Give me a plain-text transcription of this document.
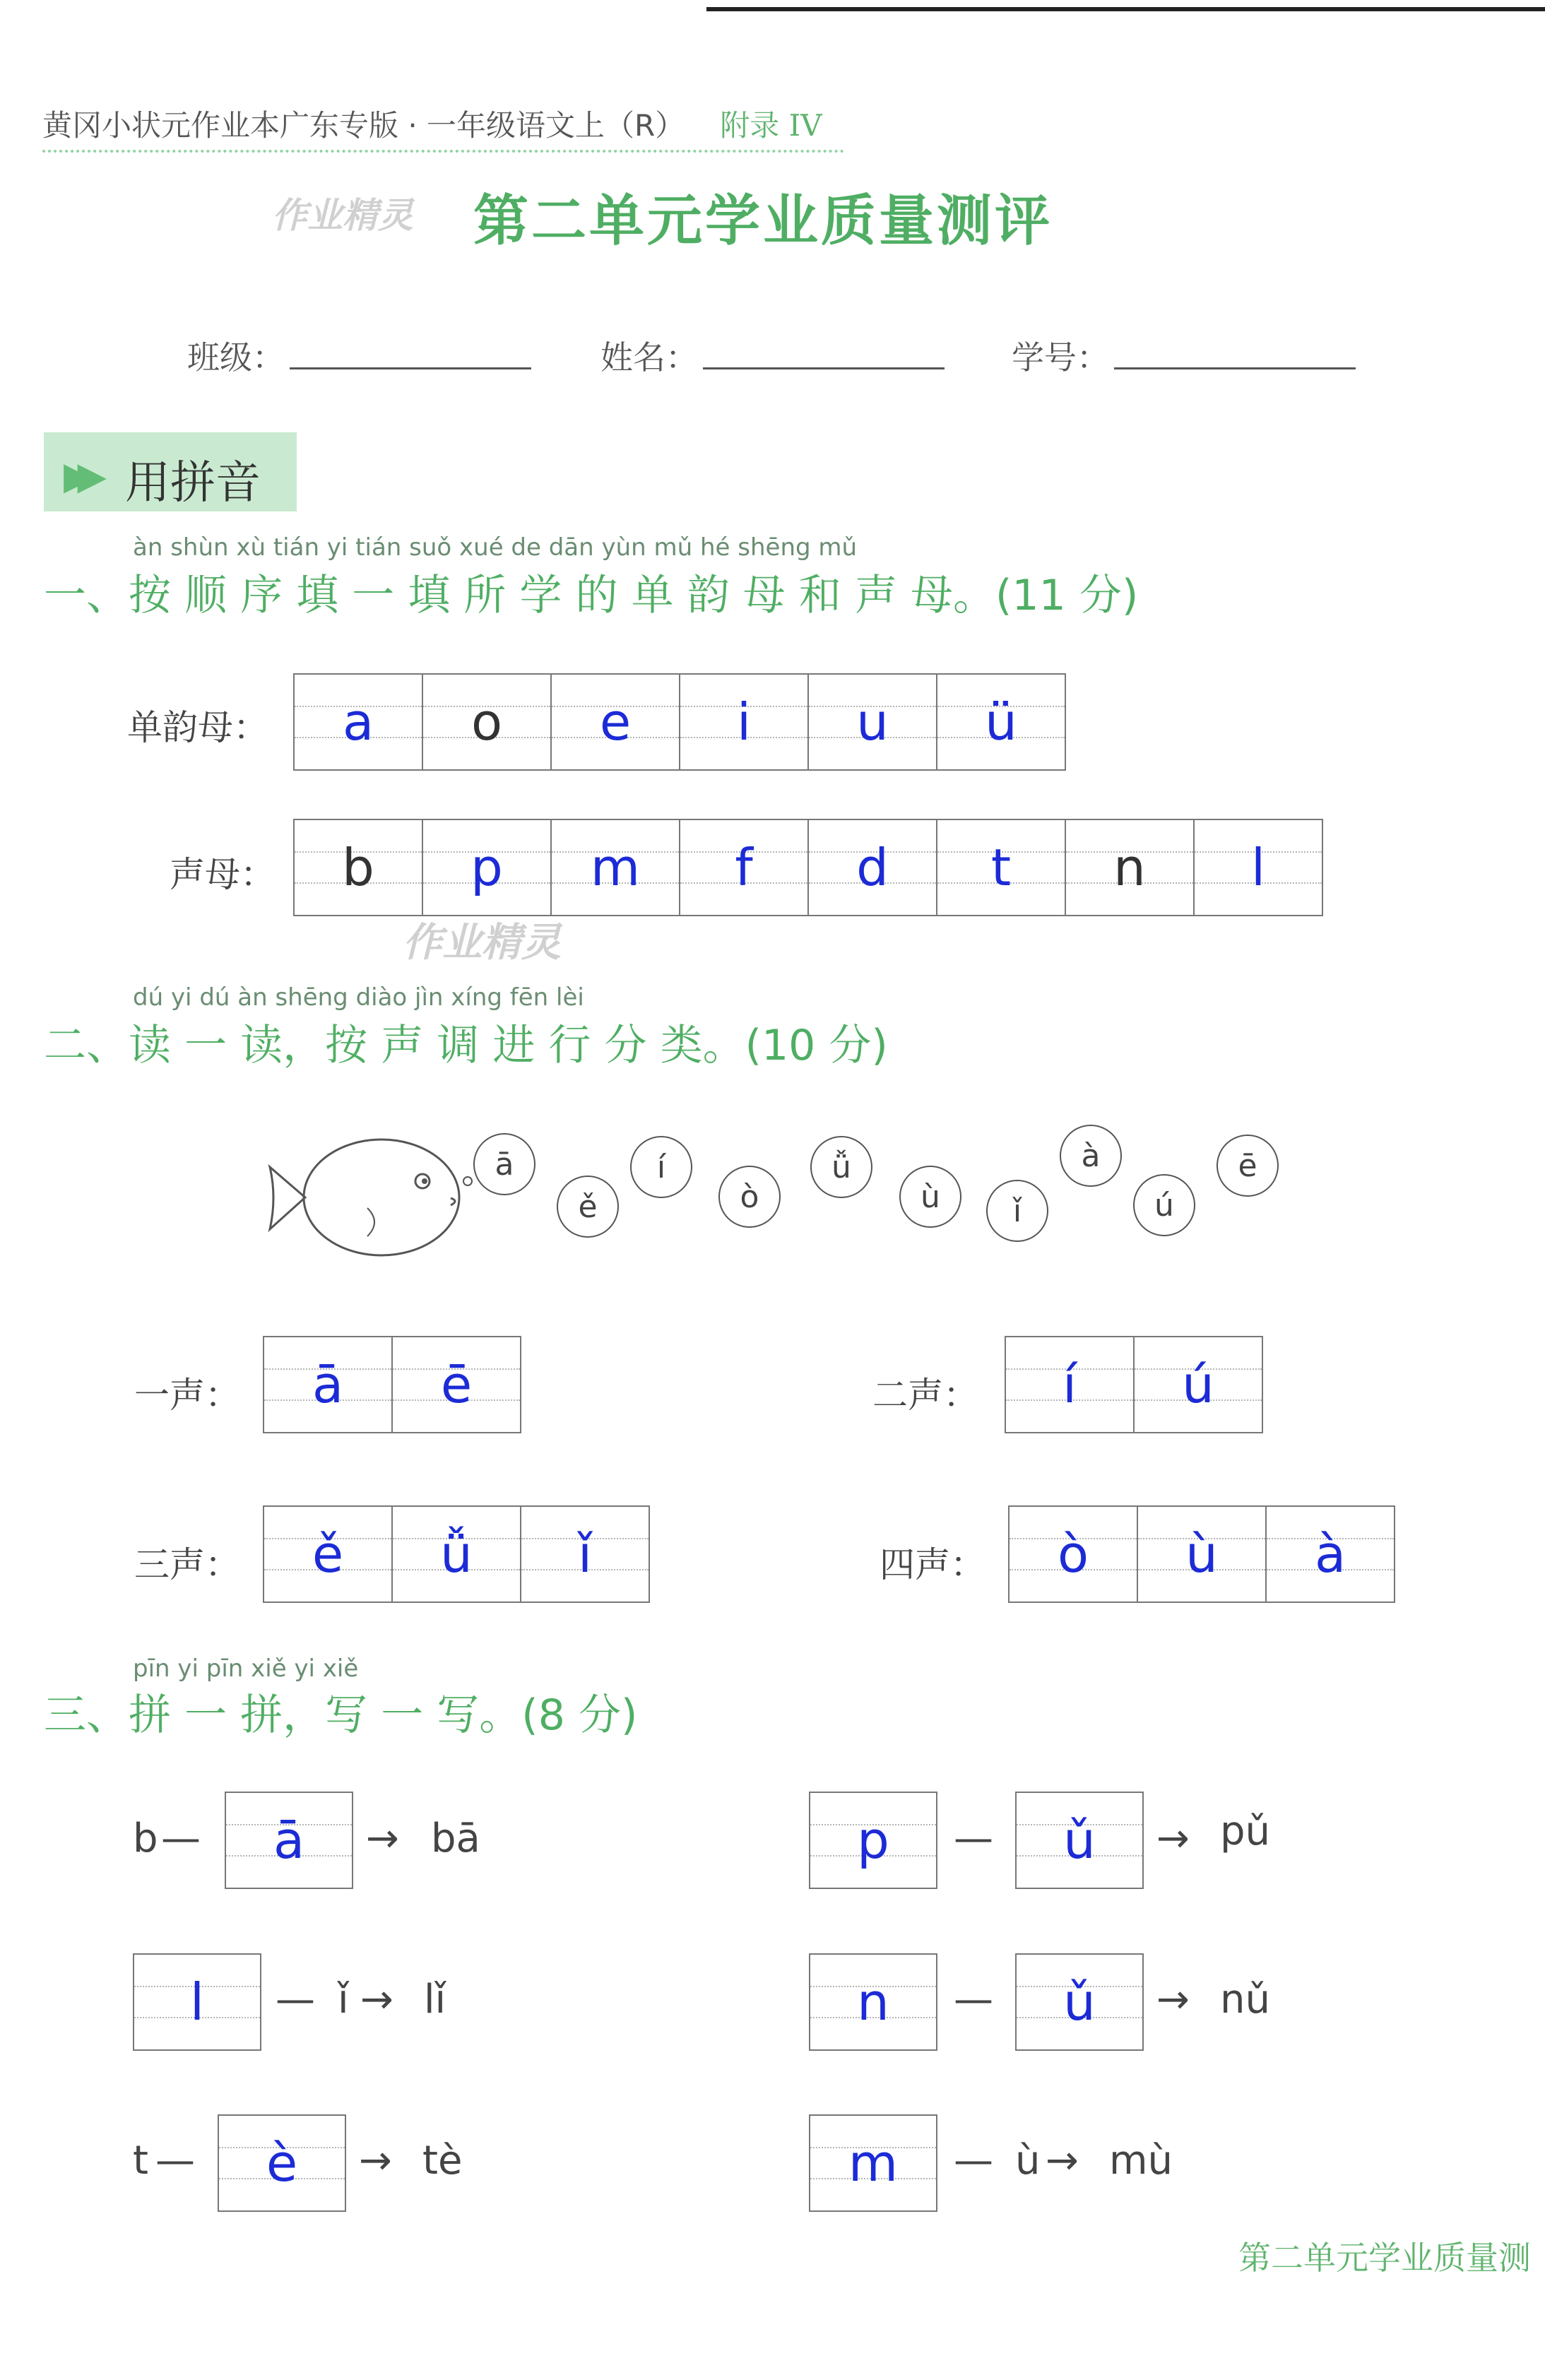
黄冈小状元作业本广东专版 · 一年级语文上（R） 附录 IV
作业精灵 第二单元学业质量测评
班级：	姓名：	学号：
▶▶ 用拼音
àn shùn xù tián yi tián suǒ xué de dān yùn mǔ hé shēng mǔ
一、按 顺 序 填 一 填 所 学 的 单 韵 母 和 声 母。(11 分)
单韵母： a o e i u ü
声母： b p m f d t n l
作业精灵
dú yi dú àn shēng diào jìn xíng fēn lèi
二、读 一 读，按 声 调 进 行 分 类。(10 分)
ā
ě
í
ò
ǚ
ù	ǐ
à
ú
ē
一声： ā ē	二声： í ú
三声： ě ǚ ǐ	四声： ò ù à
pīn yi pīn xiě yi xiě
三、拼 一 拼，写 一 写。(8 分)
b — ā → bā	p — ǔ → pǔ
l — ǐ → lǐ	n — ǔ → nǔ
t — è → tè	m — ù → mù
第二单元学业质量测
